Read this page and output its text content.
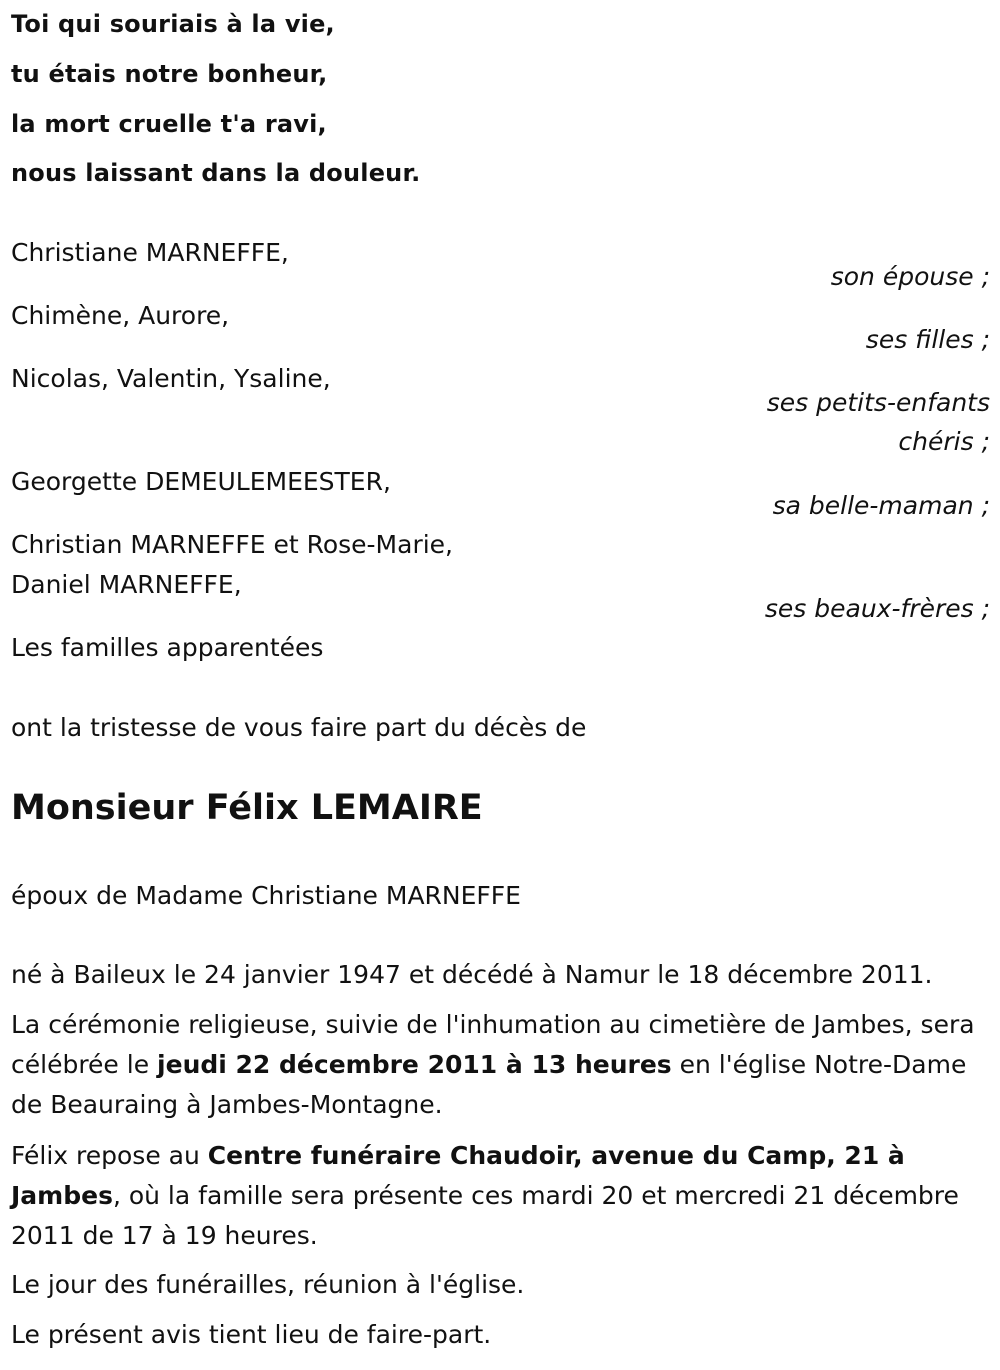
Toi qui souriais à la vie,
tu étais notre bonheur,
la mort cruelle t'a ravi,
nous laissant dans la douleur.
Christiane MARNEFFE,
son épouse ;
Chimène, Aurore,
ses filles ;
Nicolas, Valentin, Ysaline,
ses petits-enfants
chéris ;
Georgette DEMEULEMEESTER,
sa belle-maman ;
Christian MARNEFFE et Rose-Marie,
Daniel MARNEFFE,
ses beaux-frères ;
Les familles apparentées
ont la tristesse de vous faire part du décès de
Monsieur Félix LEMAIRE
époux de Madame Christiane MARNEFFE
né à Baileux le 24 janvier 1947 et décédé à Namur le 18 décembre 2011.
La cérémonie religieuse, suivie de l'inhumation au cimetière de Jambes, sera célébrée le jeudi 22 décembre 2011 à 13 heures en l'église Notre-Dame de Beauraing à Jambes-Montagne.
Félix repose au Centre funéraire Chaudoir, avenue du Camp, 21 à Jambes, où la famille sera présente ces mardi 20 et mercredi 21 décembre 2011 de 17 à 19 heures.
Le jour des funérailles, réunion à l'église.
Le présent avis tient lieu de faire-part.
